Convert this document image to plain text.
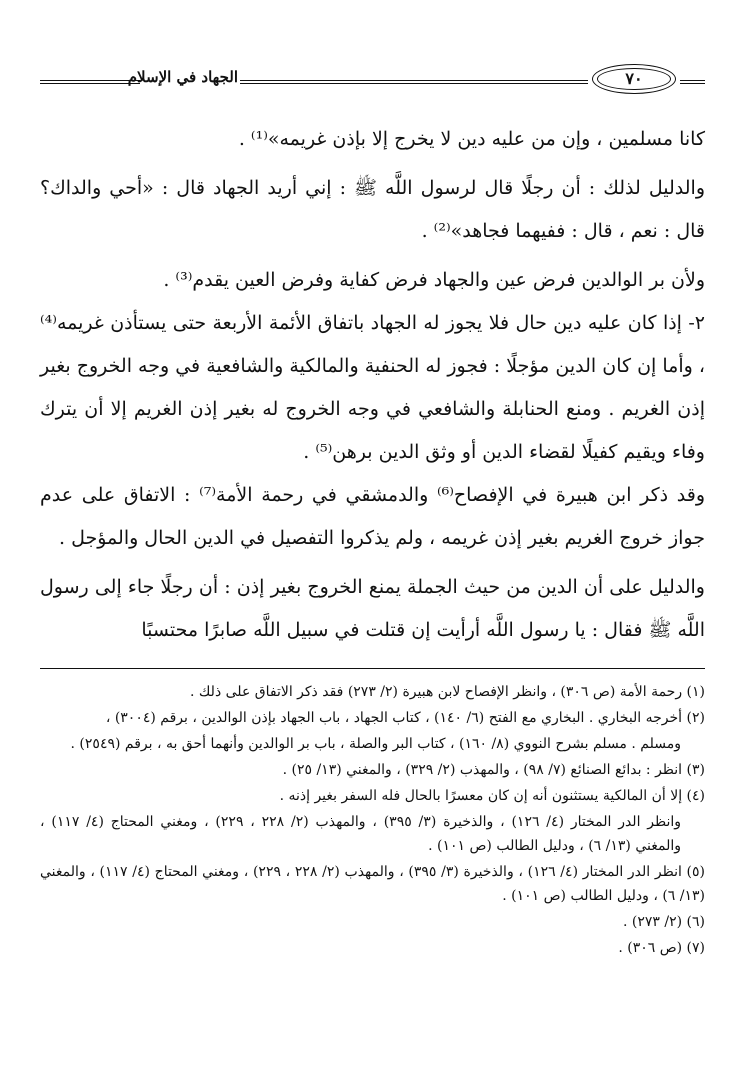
الجهاد في الإسلام	٧٠

كانا مسلمين ، وإن من عليه دين لا يخرج إلا بإذن غريمه»⁽¹⁾ .

والدليل لذلك : أن رجلًا قال لرسول اللَّه ﷺ : إني أريد الجهاد قال : «أحي والداك؟ قال : نعم ، قال : ففيهما فجاهد»⁽²⁾ .

ولأن بر الوالدين فرض عين والجهاد فرض كفاية وفرض العين يقدم⁽³⁾ .

٢- إذا كان عليه دين حال فلا يجوز له الجهاد باتفاق الأئمة الأربعة حتى يستأذن غريمه⁽⁴⁾ ، وأما إن كان الدين مؤجلًا : فجوز له الحنفية والمالكية والشافعية في وجه الخروج بغير إذن الغريم . ومنع الحنابلة والشافعي في وجه الخروج له بغير إذن الغريم إلا أن يترك وفاء ويقيم كفيلًا لقضاء الدين أو وثق الدين برهن⁽⁵⁾ .

وقد ذكر ابن هبيرة في الإفصاح⁽⁶⁾ والدمشقي في رحمة الأمة⁽⁷⁾ : الاتفاق على عدم جواز خروج الغريم بغير إذن غريمه ، ولم يذكروا التفصيل في الدين الحال والمؤجل .

والدليل على أن الدين من حيث الجملة يمنع الخروج بغير إذن : أن رجلًا جاء إلى رسول اللَّه ﷺ فقال : يا رسول اللَّه أرأيت إن قتلت في سبيل اللَّه صابرًا محتسبًا

(١) رحمة الأمة (ص ٣٠٦) ، وانظر الإفصاح لابن هبيرة (٢/ ٢٧٣) فقد ذكر الاتفاق على ذلك .

(٢) أخرجه البخاري . البخاري مع الفتح (٦/ ١٤٠) ، كتاب الجهاد ، باب الجهاد بإذن الوالدين ، برقم (٣٠٠٤) ،

ومسلم . مسلم بشرح النووي (٨/ ١٦٠) ، كتاب البر والصلة ، باب بر الوالدين وأنهما أحق به ، برقم (٢٥٤٩) .

(٣) انظر : بدائع الصنائع (٧/ ٩٨) ، والمهذب (٢/ ٣٢٩) ، والمغني (١٣/ ٢٥) .

(٤) إلا أن المالكية يستثنون أنه إن كان معسرًا بالحال فله السفر بغير إذنه .

وانظر الدر المختار (٤/ ١٢٦) ، والذخيرة (٣/ ٣٩٥) ، والمهذب (٢/ ٢٢٨ ، ٢٢٩) ، ومغني المحتاج (٤/ ١١٧) ، والمغني (١٣/ ٦) ، ودليل الطالب (ص ١٠١) .

(٥) انظر الدر المختار (٤/ ١٢٦) ، والذخيرة (٣/ ٣٩٥) ، والمهذب (٢/ ٢٢٨ ، ٢٢٩) ، ومغني المحتاج (٤/ ١١٧) ، والمغني (١٣/ ٦) ، ودليل الطالب (ص ١٠١) .

(٦) (٢/ ٢٧٣) .

(٧) (ص ٣٠٦) .
